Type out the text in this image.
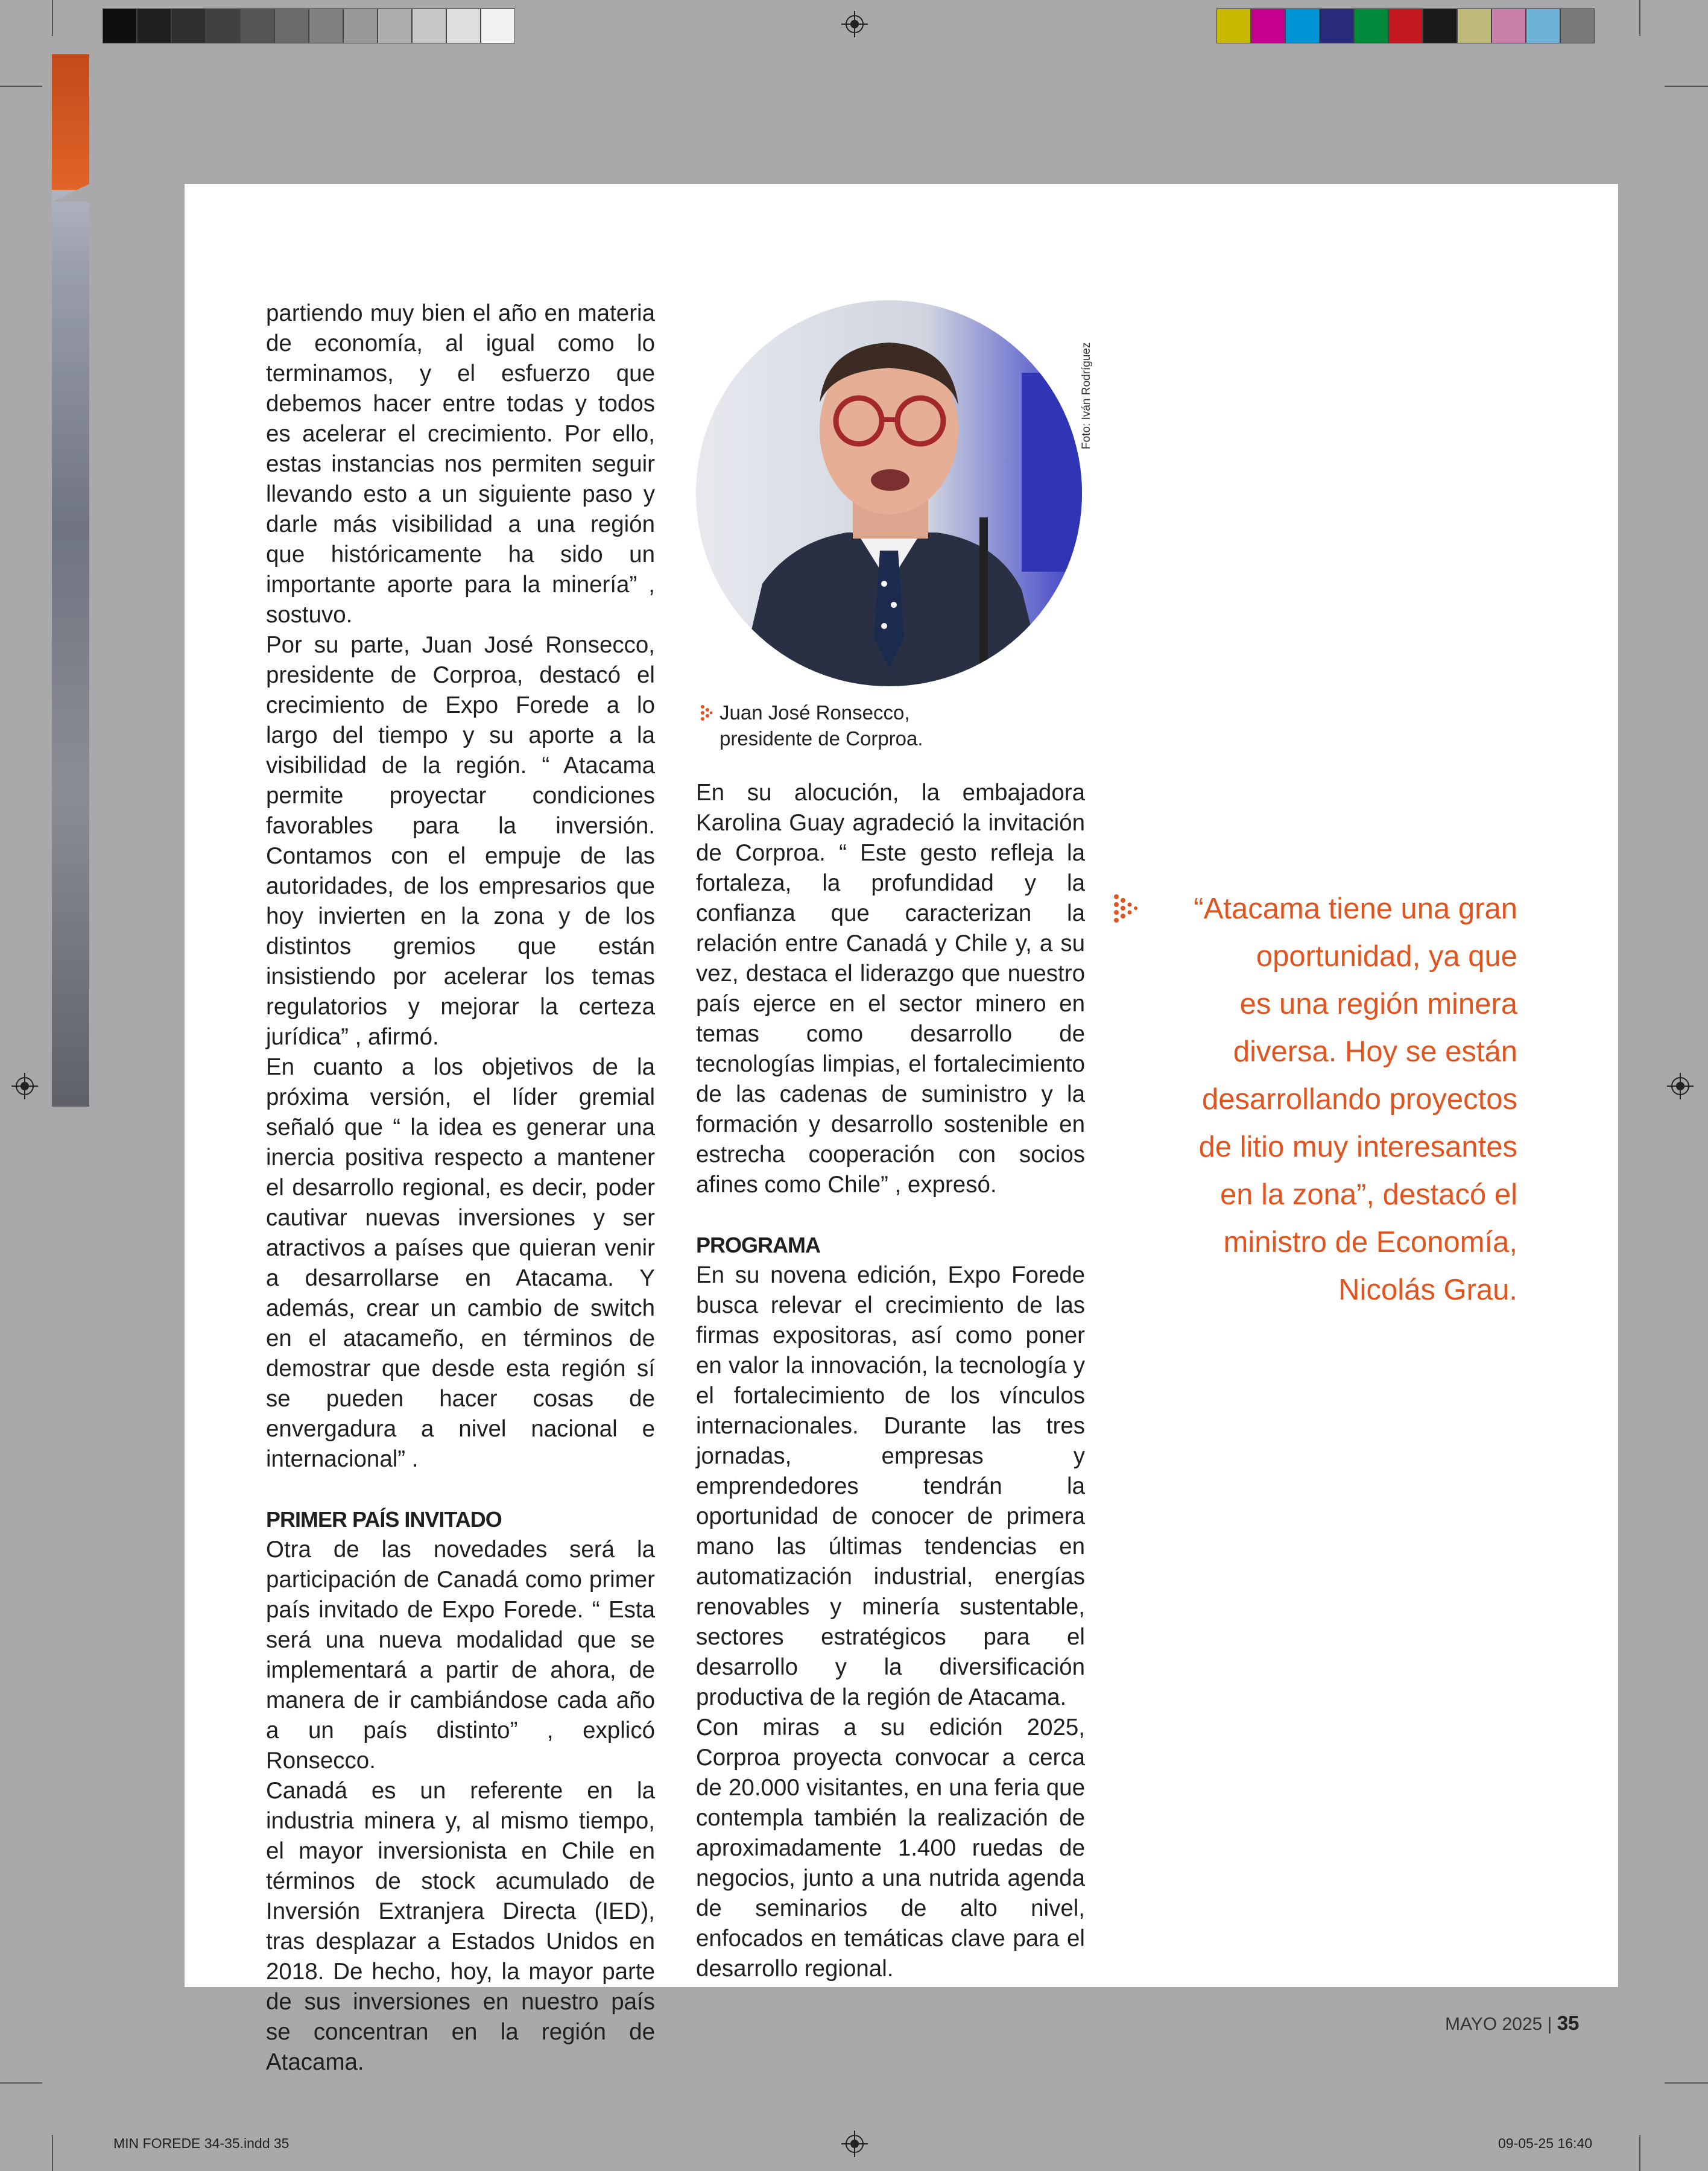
partiendo muy bien el año en materia de economía, al igual como lo terminamos, y el esfuerzo que debemos hacer entre todas y todos es acelerar el crecimiento. Por ello, estas instancias nos permiten seguir llevando esto a un siguiente paso y darle más visibilidad a una región que históricamente ha sido un importante aporte para la minería” , sostuvo.

Por su parte, Juan José Ronsecco, presidente de Corproa, destacó el crecimiento de Expo Forede a lo largo del tiempo y su aporte a la visibilidad de la región. “ Atacama permite proyectar condiciones favorables para la inversión. Contamos con el empuje de las autoridades, de los empresarios que hoy invierten en la zona y de los distintos gremios que están insistiendo por acelerar los temas regulatorios y mejorar la certeza jurídica” , afirmó.

En cuanto a los objetivos de la próxima versión, el líder gremial señaló que “ la idea es generar una inercia positiva respecto a mantener el desarrollo regional, es decir, poder cautivar nuevas inversiones y ser atractivos a países que quieran venir a desarrollarse en Atacama. Y además, crear un cambio de switch en el atacameño, en términos de demostrar que desde esta región sí se pueden hacer cosas de envergadura a nivel nacional e internacional” .

PRIMER PAÍS INVITADO

Otra de las novedades será la participación de Canadá como primer país invitado de Expo Forede. “ Esta será una nueva modalidad que se implementará a partir de ahora, de manera de ir cambiándose cada año a un país distinto” , explicó Ronsecco.

Canadá es un referente en la industria minera y, al mismo tiempo, el mayor inversionista en Chile en términos de stock acumulado de Inversión Extranjera Directa (IED), tras desplazar a Estados Unidos en 2018. De hecho, hoy, la mayor parte de sus inversiones en nuestro país se concentran en la región de Atacama.

Foto: Iván Rodríguez
Juan José Ronsecco,
presidente de Corproa.

En su alocución, la embajadora Karolina Guay agradeció la invitación de Corproa. “ Este gesto refleja la fortaleza, la profundidad y la confianza que caracterizan la relación entre Canadá y Chile y, a su vez, destaca el liderazgo que nuestro país ejerce en el sector minero en temas como desarrollo de tecnologías limpias, el fortalecimiento de las cadenas de suministro y la formación y desarrollo sostenible en estrecha cooperación con socios afines como Chile” , expresó.

PROGRAMA

En su novena edición, Expo Forede busca relevar el crecimiento de las firmas expositoras, así como poner en valor la innovación, la tecnología y el fortalecimiento de los vínculos internacionales. Durante las tres jornadas, empresas y emprendedores tendrán la oportunidad de conocer de primera mano las últimas tendencias en automatización industrial, energías renovables y minería sustentable, sectores estratégicos para el desarrollo y la diversificación productiva de la región de Atacama.

Con miras a su edición 2025, Corproa proyecta convocar a cerca de 20.000 visitantes, en una feria que contempla también la realización de aproximadamente 1.400 ruedas de negocios, junto a una nutrida agenda de seminarios de alto nivel, enfocados en temáticas clave para el desarrollo regional.

“Atacama tiene una gran
oportunidad, ya que
es una región minera
diversa. Hoy se están
desarrollando proyectos
de litio muy interesantes
en la zona”, destacó el
ministro de Economía,
Nicolás Grau.
MAYO 2025 | 35
MIN FOREDE 34-35.indd 35	09-05-25 16:40
